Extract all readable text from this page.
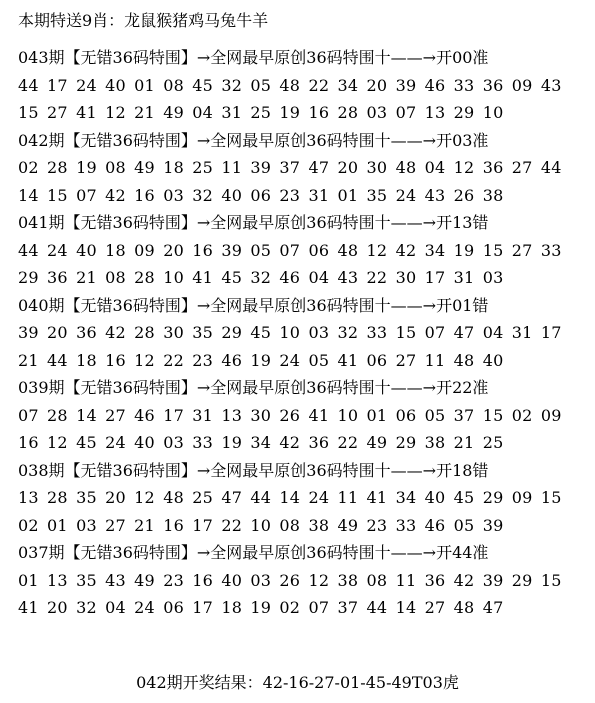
本期特送9肖：龙鼠猴猪鸡马兔牛羊
043期【无错36码特围】→全网最早原创36码特围十——→开00准
44 17 24 40 01 08 45 32 05 48 22 34 20 39 46 33 36 09 43
15 27 41 12 21 49 04 31 25 19 16 28 03 07 13 29 10
042期【无错36码特围】→全网最早原创36码特围十——→开03准
02 28 19 08 49 18 25 11 39 37 47 20 30 48 04 12 36 27 44
14 15 07 42 16 03 32 40 06 23 31 01 35 24 43 26 38
041期【无错36码特围】→全网最早原创36码特围十——→开13错
44 24 40 18 09 20 16 39 05 07 06 48 12 42 34 19 15 27 33
29 36 21 08 28 10 41 45 32 46 04 43 22 30 17 31 03
040期【无错36码特围】→全网最早原创36码特围十——→开01错
39 20 36 42 28 30 35 29 45 10 03 32 33 15 07 47 04 31 17
21 44 18 16 12 22 23 46 19 24 05 41 06 27 11 48 40
039期【无错36码特围】→全网最早原创36码特围十——→开22准
07 28 14 27 46 17 31 13 30 26 41 10 01 06 05 37 15 02 09
16 12 45 24 40 03 33 19 34 42 36 22 49 29 38 21 25
038期【无错36码特围】→全网最早原创36码特围十——→开18错
13 28 35 20 12 48 25 47 44 14 24 11 41 34 40 45 29 09 15
02 01 03 27 21 16 17 22 10 08 38 49 23 33 46 05 39
037期【无错36码特围】→全网最早原创36码特围十——→开44准
01 13 35 43 49 23 16 40 03 26 12 38 08 11 36 42 39 29 15
41 20 32 04 24 06 17 18 19 02 07 37 44 14 27 48 47
042期开奖结果：42-16-27-01-45-49T03虎
